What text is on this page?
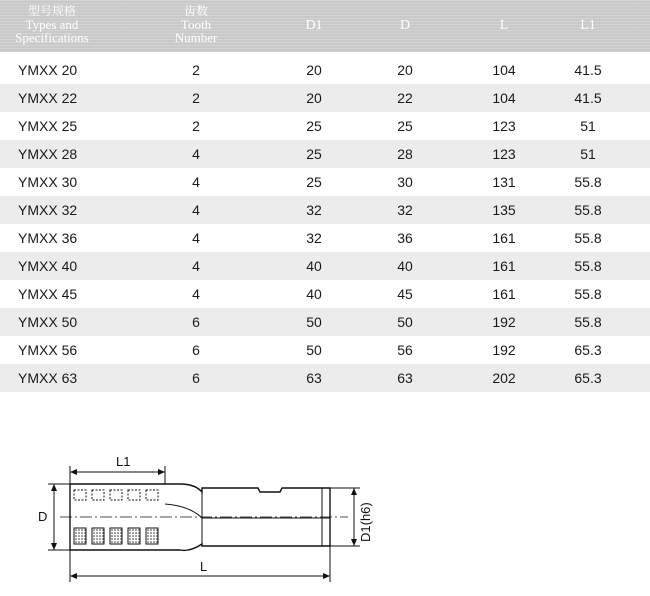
型号规格
Types and
Specifications
齿数
Tooth
Number
D1	D	L	L1
YMXX 20	2	20	20	104	41.5
YMXX 22	2	20	22	104	41.5
YMXX 25	2	25	25	123	51
YMXX 28	4	25	28	123	51
YMXX 30	4	25	30	131	55.8
YMXX 32	4	32	32	135	55.8
YMXX 36	4	32	36	161	55.8
YMXX 40	4	40	40	161	55.8
YMXX 45	4	40	45	161	55.8
YMXX 50	6	50	50	192	55.8
YMXX 56	6	50	56	192	65.3
YMXX 63	6	63	63	202	65.3
L1
D	D1(h6)
L
